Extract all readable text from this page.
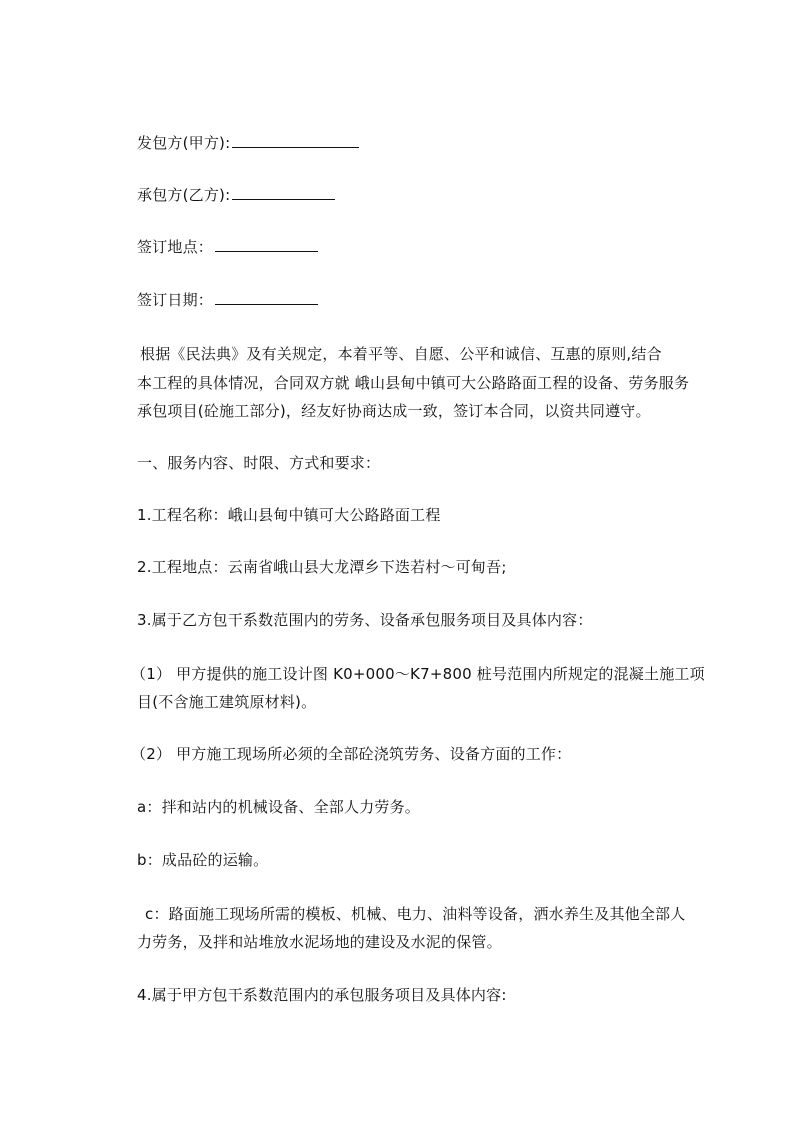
发包方(甲方):
承包方(乙方):
签订地点：
签订日期：
根据《民法典》及有关规定，本着平等、自愿、公平和诚信、互惠的原则,结合
本工程的具体情况，合同双方就 峨山县甸中镇可大公路路面工程的设备、劳务服务
承包项目(砼施工部分)，经友好协商达成一致，签订本合同，以资共同遵守。
一、服务内容、时限、方式和要求：
1.工程名称：峨山县甸中镇可大公路路面工程
2.工程地点：云南省峨山县大龙潭乡下迭若村～可甸吾;
3.属于乙方包干系数范围内的劳务、设备承包服务项目及具体内容：
（1） 甲方提供的施工设计图 K0+000～K7+800 桩号范围内所规定的混凝土施工项
目(不含施工建筑原材料)。
（2） 甲方施工现场所必须的全部砼浇筑劳务、设备方面的工作：
a：拌和站内的机械设备、全部人力劳务。
b：成品砼的运输。
c：路面施工现场所需的模板、机械、电力、油料等设备，洒水养生及其他全部人
力劳务，及拌和站堆放水泥场地的建设及水泥的保管。
4.属于甲方包干系数范围内的承包服务项目及具体内容:
